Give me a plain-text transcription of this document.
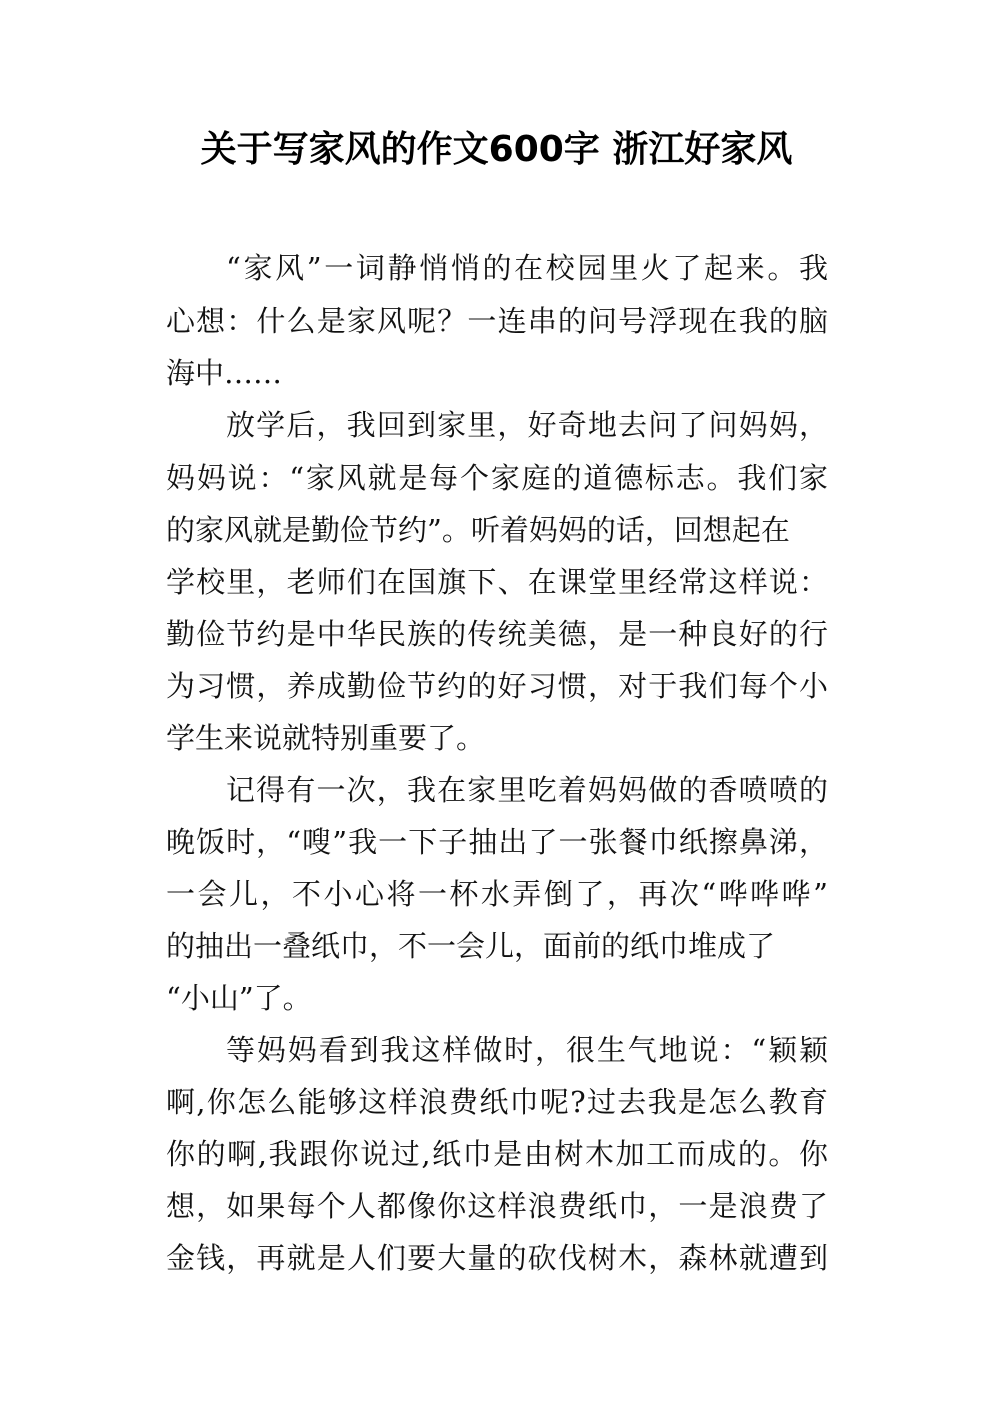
关于写家风的作文600字 浙江好家风
“家风”一词静悄悄的在校园里火了起来。我
心想：什么是家风呢？一连串的问号浮现在我的脑
海中……
放学后，我回到家里，好奇地去问了问妈妈，
妈妈说：“家风就是每个家庭的道德标志。我们家
的家风就是勤俭节约”。听着妈妈的话，回想起在
学校里，老师们在国旗下、在课堂里经常这样说：
勤俭节约是中华民族的传统美德，是一种良好的行
为习惯，养成勤俭节约的好习惯，对于我们每个小
学生来说就特别重要了。
记得有一次，我在家里吃着妈妈做的香喷喷的
晚饭时，“嗖”我一下子抽出了一张餐巾纸擦鼻涕，
一会儿，不小心将一杯水弄倒了，再次“哗哗哗”
的抽出一叠纸巾，不一会儿，面前的纸巾堆成了
“小山”了。
等妈妈看到我这样做时，很生气地说：“颖颖
啊,你怎么能够这样浪费纸巾呢?过去我是怎么教育
你的啊,我跟你说过,纸巾是由树木加工而成的。你
想，如果每个人都像你这样浪费纸巾，一是浪费了
金钱，再就是人们要大量的砍伐树木，森林就遭到
